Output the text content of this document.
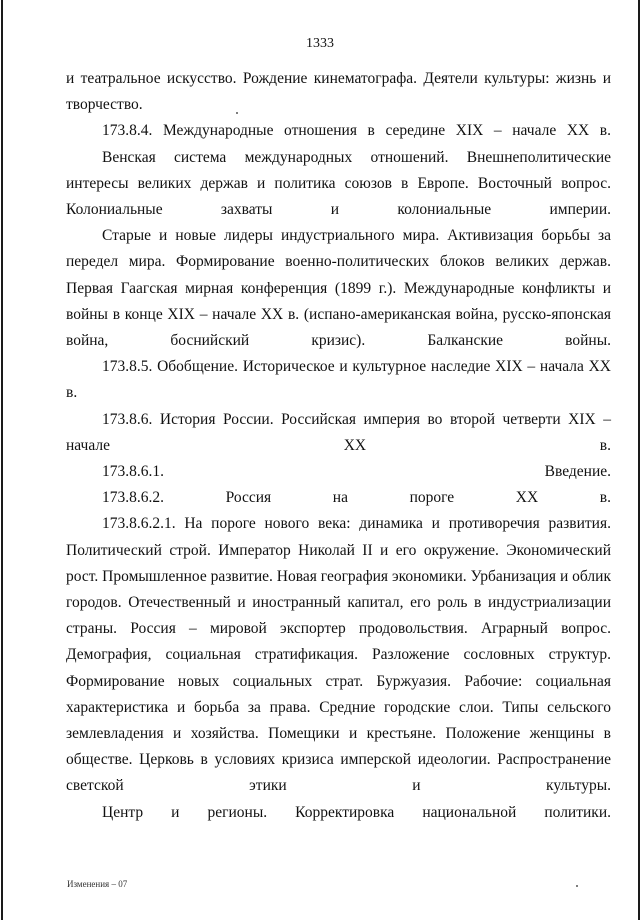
1333

и театральное искусство. Рождение кинематографа. Деятели культуры: жизнь и творчество.

173.8.4. Международные отношения в середине XIX – начале XX в.

Венская система международных отношений. Внешнеполитические интересы великих держав и политика союзов в Европе. Восточный вопрос. Колониальные захваты и колониальные империи.

Старые и новые лидеры индустриального мира. Активизация борьбы за передел мира. Формирование военно-политических блоков великих держав. Первая Гаагская мирная конференция (1899 г.). Международные конфликты и войны в конце XIX – начале XX в. (испано-американская война, русско-японская война, боснийский кризис). Балканские войны.

173.8.5. Обобщение. Историческое и культурное наследие XIX – начала XX в.

173.8.6. История России. Российская империя во второй четверти XIX – начале XX в.

173.8.6.1. Введение.

173.8.6.2. Россия на пороге XX в.

173.8.6.2.1. На пороге нового века: динамика и противоречия развития. Политический строй. Император Николай II и его окружение. Экономический рост. Промышленное развитие. Новая география экономики. Урбанизация и облик городов. Отечественный и иностранный капитал, его роль в индустриализации страны. Россия – мировой экспортер продовольствия. Аграрный вопрос. Демография, социальная стратификация. Разложение сословных структур. Формирование новых социальных страт. Буржуазия. Рабочие: социальная характеристика и борьба за права. Средние городские слои. Типы сельского землевладения и хозяйства. Помещики и крестьяне. Положение женщины в обществе. Церковь в условиях кризиса имперской идеологии. Распространение светской этики и культуры.

Центр и регионы. Корректировка национальной политики.

Изменения – 07
